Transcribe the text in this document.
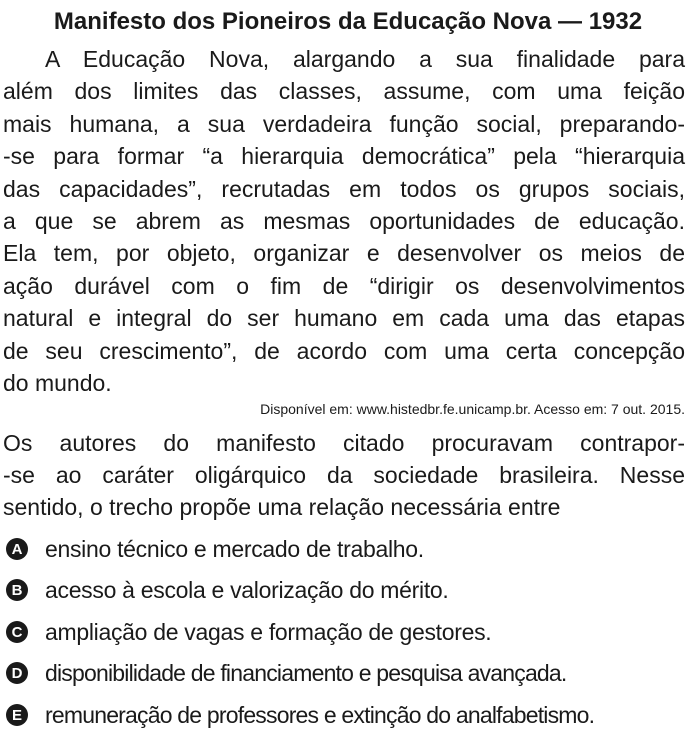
Manifesto dos Pioneiros da Educação Nova — 1932
A Educação Nova, alargando a sua finalidade para
além dos limites das classes, assume, com uma feição
mais humana, a sua verdadeira função social, preparando-
-se para formar “a hierarquia democrática” pela “hierarquia
das capacidades”, recrutadas em todos os grupos sociais,
a que se abrem as mesmas oportunidades de educação.
Ela tem, por objeto, organizar e desenvolver os meios de
ação durável com o fim de “dirigir os desenvolvimentos
natural e integral do ser humano em cada uma das etapas
de seu crescimento”, de acordo com uma certa concepção
do mundo.
Disponível em: www.histedbr.fe.unicamp.br. Acesso em: 7 out. 2015.
Os autores do manifesto citado procuravam contrapor-
-se ao caráter oligárquico da sociedade brasileira. Nesse
sentido, o trecho propõe uma relação necessária entre
A ensino técnico e mercado de trabalho.
B acesso à escola e valorização do mérito.
C ampliação de vagas e formação de gestores.
D disponibilidade de financiamento e pesquisa avançada.
E remuneração de professores e extinção do analfabetismo.
